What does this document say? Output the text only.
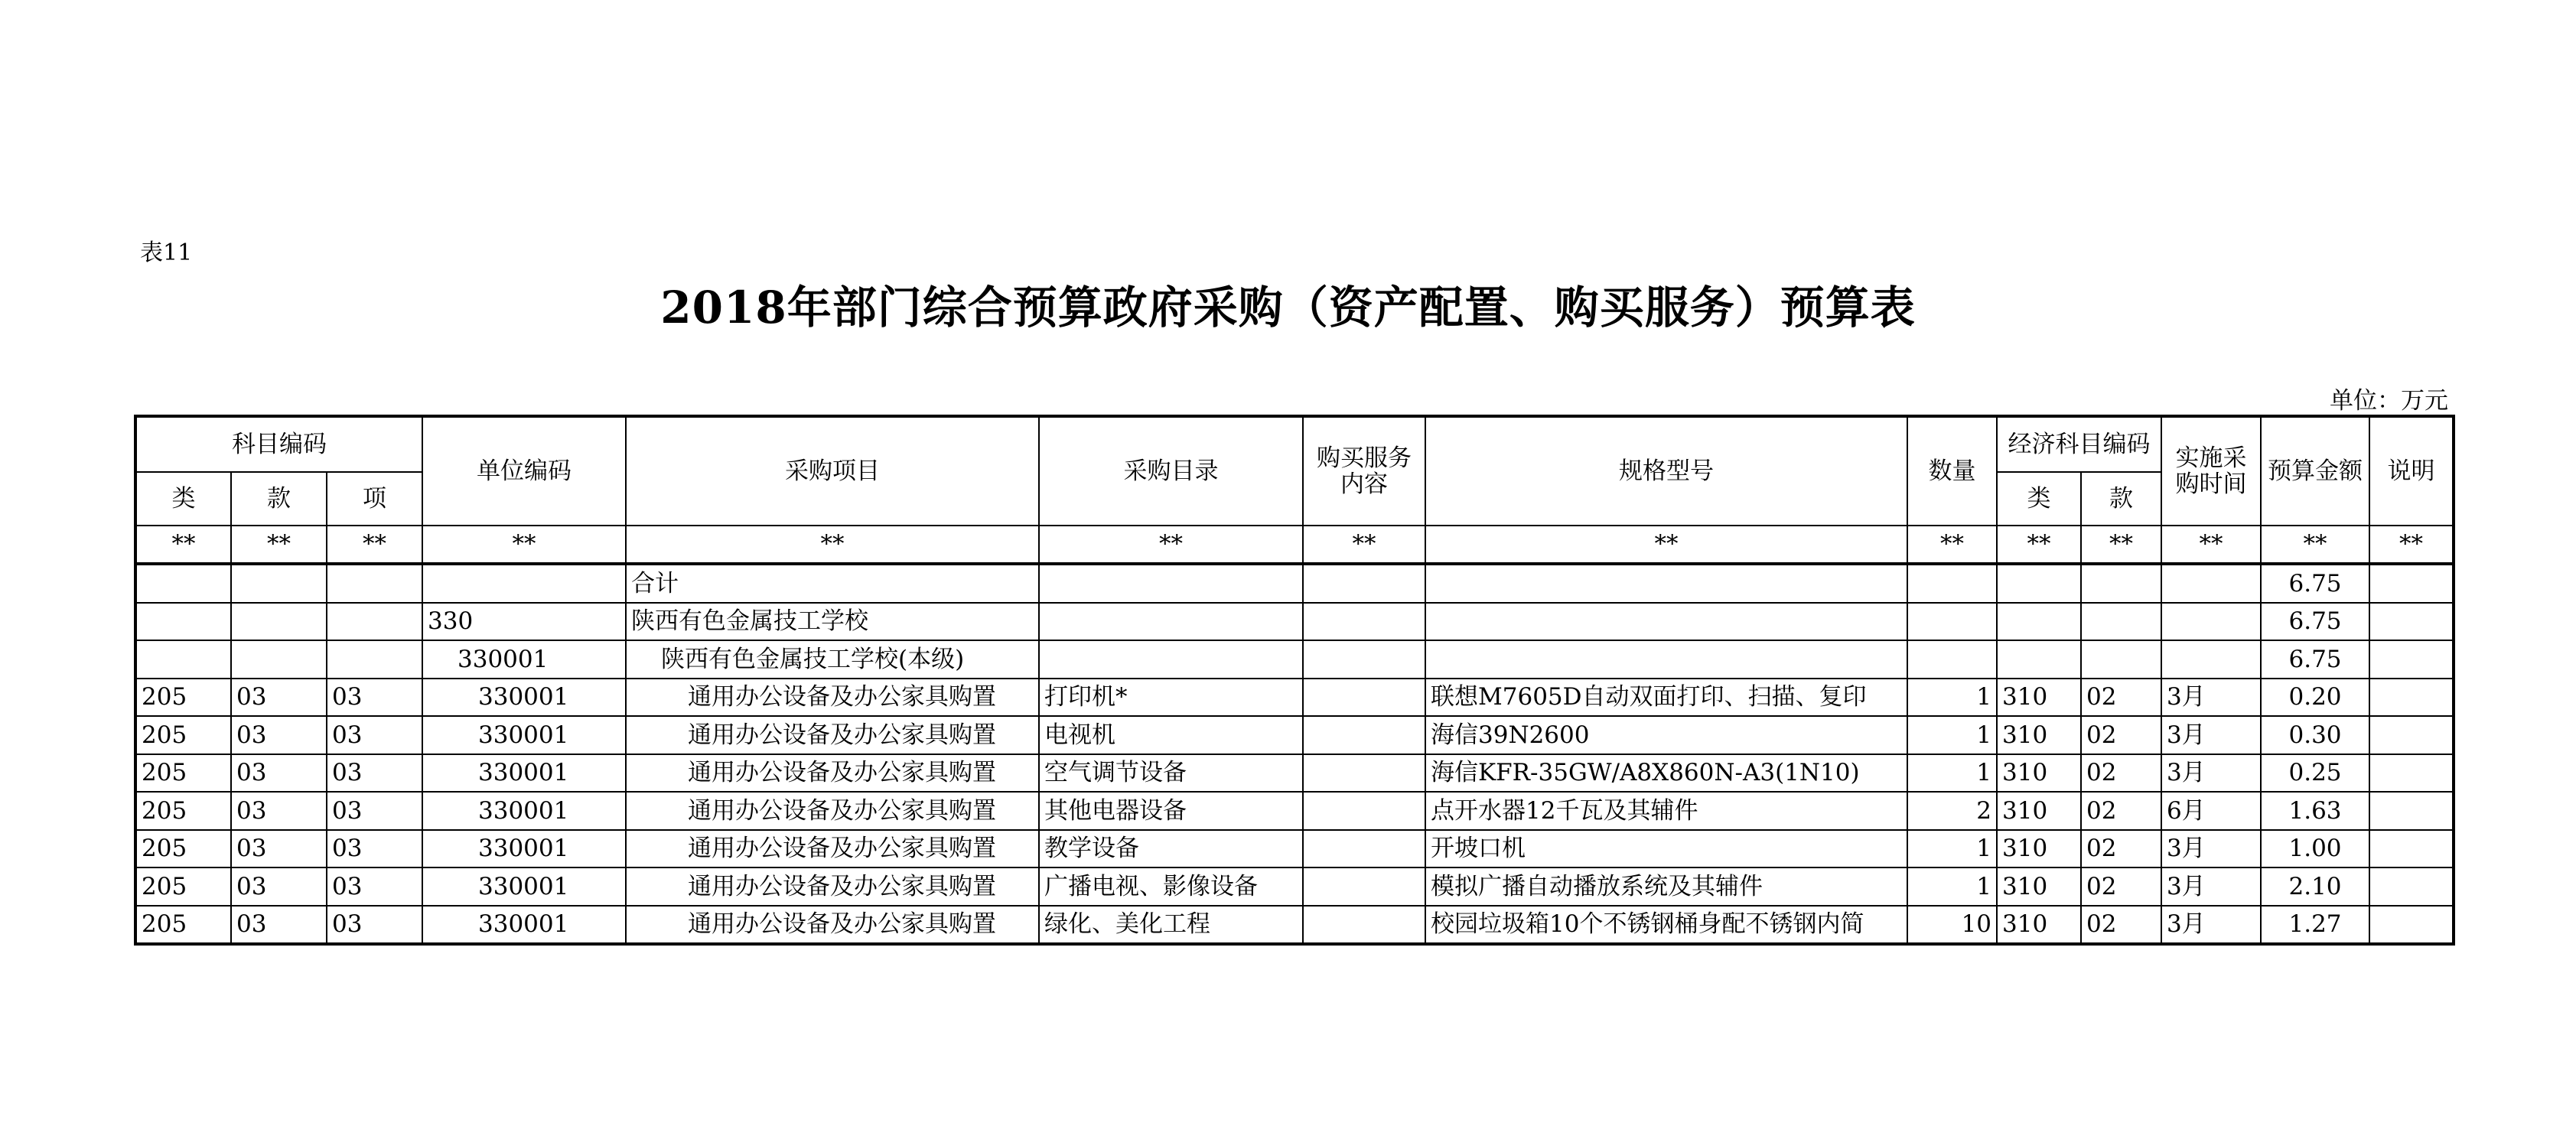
表11
2018年部门综合预算政府采购（资产配置、购买服务）预算表
单位：万元
科目编码			单位编码	采购项目	采购目录	购买服务内容	规格型号	数量	经济科目编码		实施采购时间	预算金额	说明
类	款	项							类	款			
**	**	**	**	**	**	**	**	**	**	**	**	**	**
				合计								6.75	
			330	陕西有色金属技工学校								6.75	
			330001	陕西有色金属技工学校(本级)								6.75	
205	03	03	330001	通用办公设备及办公家具购置	打印机*		联想M7605D自动双面打印、扫描、复印	1	310	02	3月	0.20	
205	03	03	330001	通用办公设备及办公家具购置	电视机		海信39N2600	1	310	02	3月	0.30	
205	03	03	330001	通用办公设备及办公家具购置	空气调节设备		海信KFR-35GW/A8X860N-A3(1N10)	1	310	02	3月	0.25	
205	03	03	330001	通用办公设备及办公家具购置	其他电器设备		点开水器12千瓦及其辅件	2	310	02	6月	1.63	
205	03	03	330001	通用办公设备及办公家具购置	教学设备		开坡口机	1	310	02	3月	1.00	
205	03	03	330001	通用办公设备及办公家具购置	广播电视、影像设备		模拟广播自动播放系统及其辅件	1	310	02	3月	2.10	
205	03	03	330001	通用办公设备及办公家具购置	绿化、美化工程		校园垃圾箱10个不锈钢桶身配不锈钢内简	10	310	02	3月	1.27	
